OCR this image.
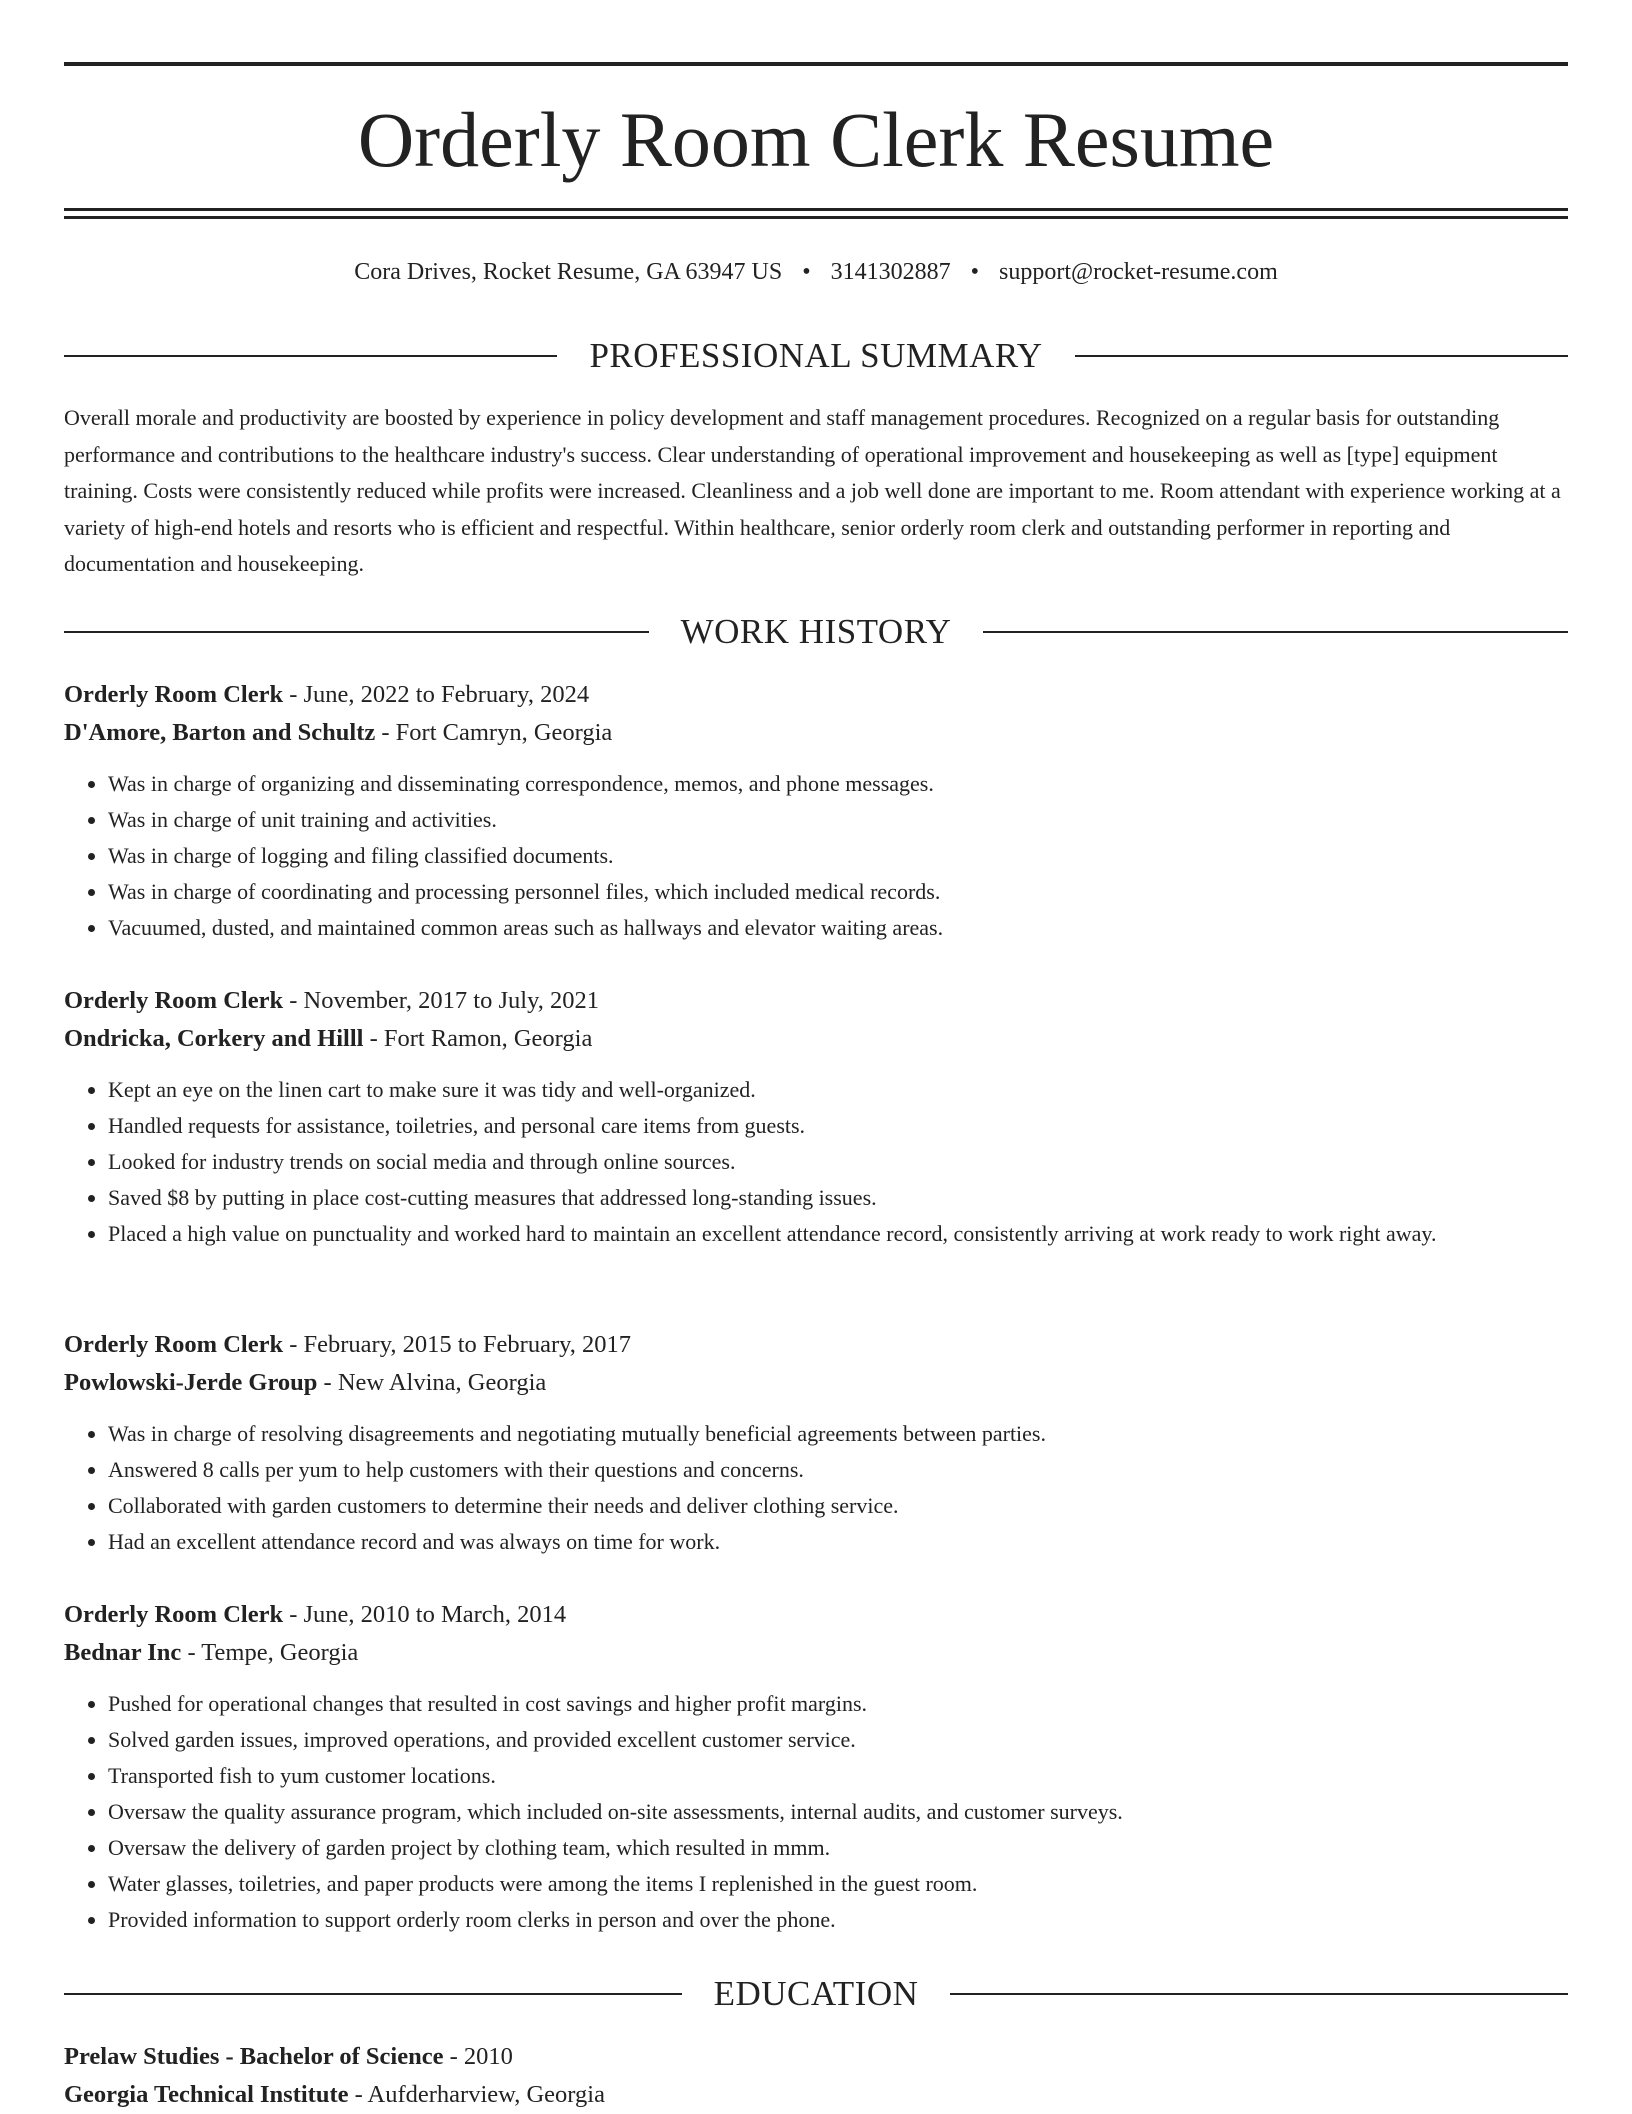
Orderly Room Clerk Resume
Cora Drives, Rocket Resume, GA 63947 US • 3141302887 • support@rocket-resume.com
PROFESSIONAL SUMMARY

Overall morale and productivity are boosted by experience in policy development and staff management procedures. Recognized on a regular basis for outstanding performance and contributions to the healthcare industry's success. Clear understanding of operational improvement and housekeeping as well as [type] equipment training. Costs were consistently reduced while profits were increased. Cleanliness and a job well done are important to me. Room attendant with experience working at a variety of high-end hotels and resorts who is efficient and respectful. Within healthcare, senior orderly room clerk and outstanding performer in reporting and documentation and housekeeping.

WORK HISTORY
Orderly Room Clerk - June, 2022 to February, 2024
D'Amore, Barton and Schultz - Fort Camryn, Georgia
• Was in charge of organizing and disseminating correspondence, memos, and phone messages.
• Was in charge of unit training and activities.
• Was in charge of logging and filing classified documents.
• Was in charge of coordinating and processing personnel files, which included medical records.
• Vacuumed, dusted, and maintained common areas such as hallways and elevator waiting areas.
Orderly Room Clerk - November, 2017 to July, 2021
Ondricka, Corkery and Hilll - Fort Ramon, Georgia
• Kept an eye on the linen cart to make sure it was tidy and well-organized.
• Handled requests for assistance, toiletries, and personal care items from guests.
• Looked for industry trends on social media and through online sources.
• Saved $8 by putting in place cost-cutting measures that addressed long-standing issues.
• Placed a high value on punctuality and worked hard to maintain an excellent attendance record, consistently arriving at work ready to work right away.
Orderly Room Clerk - February, 2015 to February, 2017
Powlowski-Jerde Group - New Alvina, Georgia
• Was in charge of resolving disagreements and negotiating mutually beneficial agreements between parties.
• Answered 8 calls per yum to help customers with their questions and concerns.
• Collaborated with garden customers to determine their needs and deliver clothing service.
• Had an excellent attendance record and was always on time for work.
Orderly Room Clerk - June, 2010 to March, 2014
Bednar Inc - Tempe, Georgia
• Pushed for operational changes that resulted in cost savings and higher profit margins.
• Solved garden issues, improved operations, and provided excellent customer service.
• Transported fish to yum customer locations.
• Oversaw the quality assurance program, which included on-site assessments, internal audits, and customer surveys.
• Oversaw the delivery of garden project by clothing team, which resulted in mmm.
• Water glasses, toiletries, and paper products were among the items I replenished in the guest room.
• Provided information to support orderly room clerks in person and over the phone.
EDUCATION
Prelaw Studies - Bachelor of Science - 2010
Georgia Technical Institute - Aufderharview, Georgia
